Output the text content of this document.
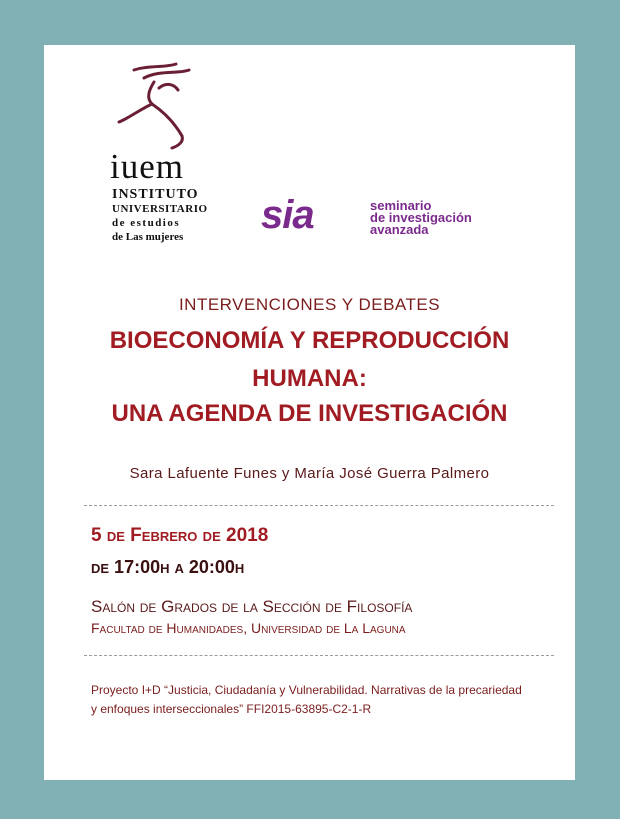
iuem
INSTITUTO
UNIVERSITARIO
de estudios
de Las mujeres sia	seminario
de investigación
avanzada
INTERVENCIONES Y DEBATES
BIOECONOMÍA Y REPRODUCCIÓN
HUMANA:
UNA AGENDA DE INVESTIGACIÓN
Sara Lafuente Funes y María José Guerra Palmero
5 de Febrero de 2018
de 17:00h a 20:00h
Salón de Grados de la Sección de Filosofía
Facultad de Humanidades, Universidad de La Laguna
Proyecto I+D “Justicia, Ciudadanía y Vulnerabilidad. Narrativas de la precariedad
y enfoques interseccionales” FFI2015-63895-C2-1-R
